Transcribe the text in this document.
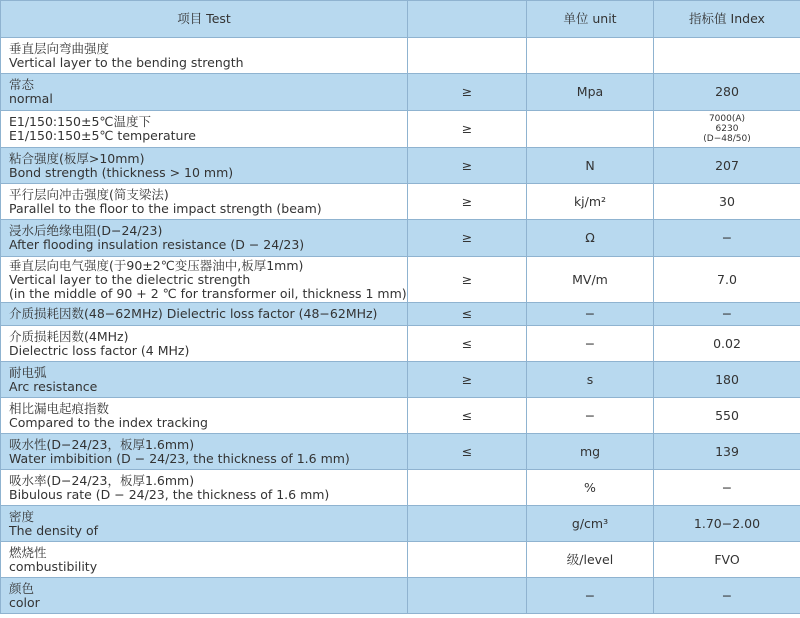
项目 Test		单位 unit	指标值 Index

垂直层向弯曲强度
Vertical layer to the bending strength			

常态
normal	≥	Mpa	280

E1/150:150±5℃温度下
E1/150:150±5℃ temperature	≥		7000(A)
6230
(D−48/50)

粘合强度(板厚>10mm)
Bond strength (thickness > 10 mm)	≥	N	207

平行层向冲击强度(简支梁法)
Parallel to the floor to the impact strength (beam)	≥	kj/m²	30

浸水后绝缘电阻(D−24/23)
After flooding insulation resistance (D − 24/23)	≥	Ω	−

垂直层向电气强度(于90±2℃变压器油中,板厚1mm)
Vertical layer to the dielectric strength
(in the middle of 90 + 2 ℃ for transformer oil, thickness 1 mm)	≥	MV/m	7.0

介质损耗因数(48−62MHz) Dielectric loss factor (48−62MHz)	≤	−	−

介质损耗因数(4MHz)
Dielectric loss factor (4 MHz)	≤	−	0.02

耐电弧
Arc resistance	≥	s	180

相比漏电起痕指数
Compared to the index tracking	≤	−	550

吸水性(D−24/23，板厚1.6mm)
Water imbibition (D − 24/23, the thickness of 1.6 mm)	≤	mg	139

吸水率(D−24/23，板厚1.6mm)
Bibulous rate (D − 24/23, the thickness of 1.6 mm)		%	−

密度
The density of		g/cm³	1.70−2.00

燃烧性
combustibility		级/level	FVO

颜色
color		−	−
